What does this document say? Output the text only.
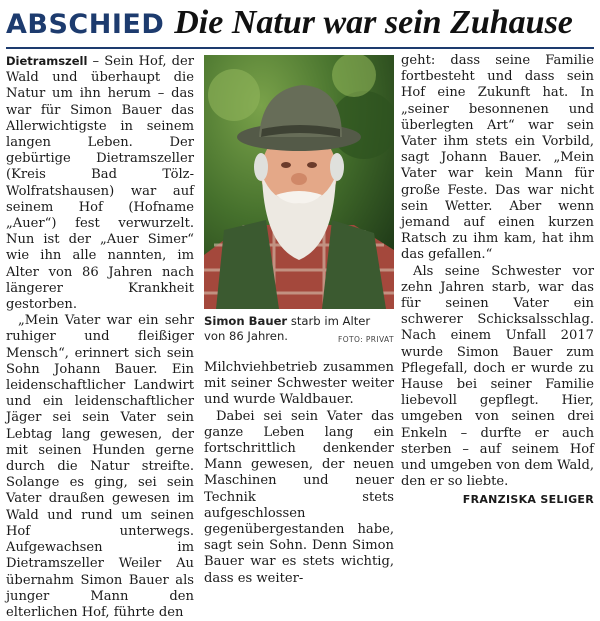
ABSCHIED Die Natur war sein Zuhause

Dietramszell – Sein Hof, der Wald und überhaupt die Natur um ihn herum – das war für Simon Bauer das Allerwichtigste in seinem langen Leben. Der gebürtige Dietramszeller (Kreis Bad Tölz-Wolfratshausen) war auf seinem Hof (Hofname „Auer“) fest verwurzelt. Nun ist der „Auer Simer“ wie ihn alle nannten, im Alter von 86 Jahren nach längerer Krankheit gestorben.

„Mein Vater war ein sehr ruhiger und fleißiger Mensch“, erinnert sich sein Sohn Johann Bauer. Ein leidenschaftlicher Landwirt und ein leidenschaftlicher Jäger sei sein Vater sein Lebtag lang gewesen, der mit seinen Hunden gerne durch die Natur streifte. Solange es ging, sei sein Vater draußen gewesen im Wald und rund um seinen Hof unterwegs. Aufgewachsen im Dietramszeller Weiler Au übernahm Simon Bauer als junger Mann den elterlichen Hof, führte den

Simon Bauer starb im Alter von 86 Jahren.	FOTO: PRIVAT

Milchviehbetrieb zusammen mit seiner Schwester weiter und wurde Waldbauer.

Dabei sei sein Vater das ganze Leben lang ein fortschrittlich denkender Mann gewesen, der neuen Maschinen und neuer Technik stets aufgeschlossen gegenübergestanden habe, sagt sein Sohn. Denn Simon Bauer war es stets wichtig, dass es weiter-

geht: dass seine Familie fortbesteht und dass sein Hof eine Zukunft hat. In „seiner besonnenen und überlegten Art“ war sein Vater ihm stets ein Vorbild, sagt Johann Bauer. „Mein Vater war kein Mann für große Feste. Das war nicht sein Wetter. Aber wenn jemand auf einen kurzen Ratsch zu ihm kam, hat ihm das gefallen.“

Als seine Schwester vor zehn Jahren starb, war das für seinen Vater ein schwerer Schicksalsschlag. Nach einem Unfall 2017 wurde Simon Bauer zum Pflegefall, doch er wurde zu Hause bei seiner Familie liebevoll gepflegt. Hier, umgeben von seinen drei Enkeln – durfte er auch sterben – auf seinem Hof und umgeben von dem Wald, den er so liebte.

FRANZISKA SELIGER
